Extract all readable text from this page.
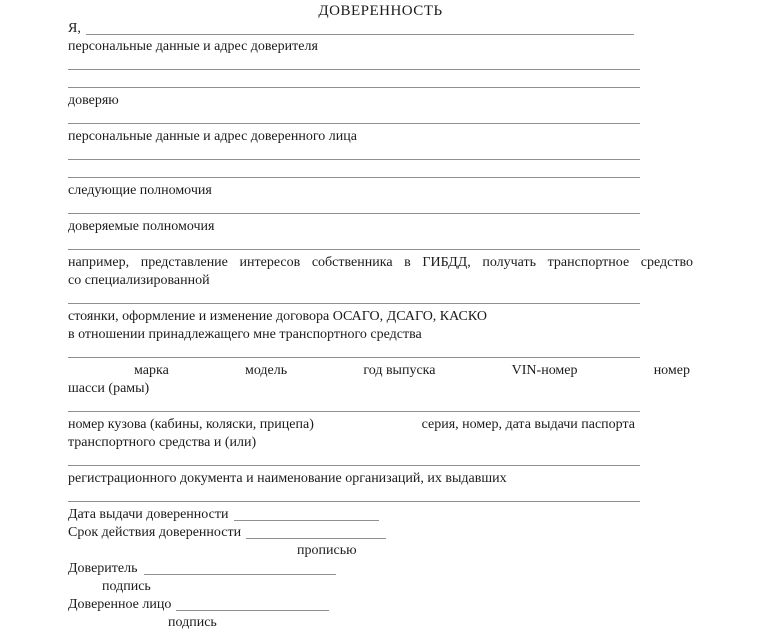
ДОВЕРЕННОСТЬ
Я,
персональные данные и адрес доверителя
доверяю
персональные данные и адрес доверенного лица
следующие полномочия
доверяемые полномочия
например, представление интересов собственника в ГИБДД, получать транспортное средство
со специализированной
стоянки, оформление и изменение договора ОСАГО, ДСАГО, КАСКО
в отношении принадлежащего мне транспортного средства
марка	модель	год выпуска	VIN-номер	номер
шасси (рамы)
номер кузова (кабины, коляски, прицепа)	серия, номер, дата выдачи паспорта
транспортного средства и (или)
регистрационного документа и наименование организаций, их выдавших
Дата выдачи доверенности
Срок действия доверенности
прописью
Доверитель
подпись
Доверенное лицо
подпись
